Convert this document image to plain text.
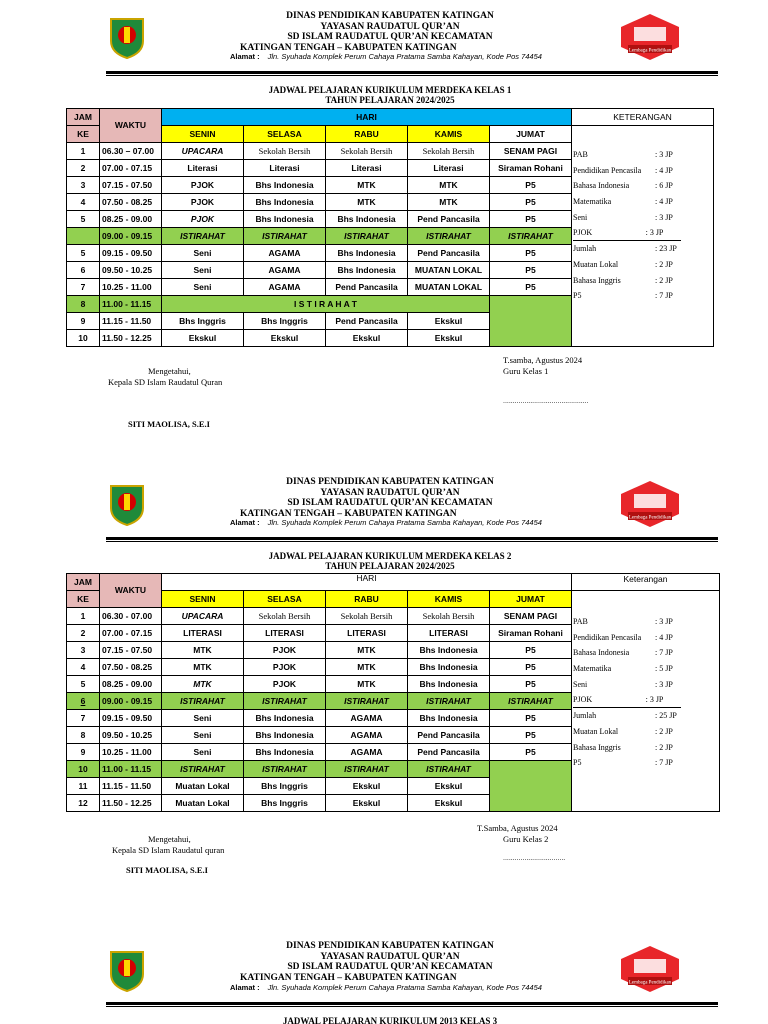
DINAS PENDIDIKAN KABUPATEN KATINGAN
YAYASAN RAUDATUL QUR’AN
SD ISLAM RAUDATUL QUR’AN KECAMATAN
KATINGAN TENGAH – KABUPATEN KATINGAN
Alamat : Jln. Syuhada Komplek Perum Cahaya Pratama Samba Kahayan, Kode Pos 74454
Lembaga Pendidikan
JADWAL PELAJARAN KURIKULUM MERDEKA KELAS 1
TAHUN PELAJARAN 2024/2025
JAM	WAKTU	HARI					KETERANGAN
KE		SENIN	SELASA	RABU	KAMIS	JUMAT	
1	06.30 – 07.00	UPACARA	Sekolah Bersih	Sekolah Bersih	Sekolah Bersih	SENAM PAGI	
2	07.00 - 07.15	Literasi	Literasi	Literasi	Literasi	Siraman Rohani	
3	07.15 - 07.50	PJOK	Bhs Indonesia	MTK	MTK	P5	
4	07.50 - 08.25	PJOK	Bhs Indonesia	MTK	MTK	P5	
5	08.25 - 09.00	PJOK	Bhs Indonesia	Bhs Indonesia	Pend Pancasila	P5	
	09.00 - 09.15	ISTIRAHAT	ISTIRAHAT	ISTIRAHAT	ISTIRAHAT	ISTIRAHAT	
5	09.15 - 09.50	Seni	AGAMA	Bhs Indonesia	Pend Pancasila	P5	
6	09.50 - 10.25	Seni	AGAMA	Bhs Indonesia	MUATAN LOKAL	P5	
7	10.25 - 11.00	Seni	AGAMA	Pend Pancasila	MUATAN LOKAL	P5	
8	11.00 - 11.15	I S T I R A H A T					
9	11.15 - 11.50	Bhs Inggris	Bhs Inggris	Pend Pancasila	Ekskul		
10	11.50 - 12.25	Ekskul	Ekskul	Ekskul	Ekskul		
PAB	: 3 JP
Pendidikan Pencasila	: 4 JP
Bahasa Indonesia	: 6 JP
Matematika	: 4 JP
Seni	: 3 JP
PJOK	: 3 JP
Jumlah	: 23 JP
Muatan Lokal	: 2 JP
Bahasa Inggris	: 2 JP
P5	: 7 JP
Mengetahui,
Kepala SD Islam Raudatul Quran
SITI MAOLISA, S.E.I
T.samba, Agustus 2024
Guru Kelas 1
............................................
DINAS PENDIDIKAN KABUPATEN KATINGAN
YAYASAN RAUDATUL QUR’AN
SD ISLAM RAUDATUL QUR’AN KECAMATAN
KATINGAN TENGAH – KABUPATEN KATINGAN
Alamat : Jln. Syuhada Komplek Perum Cahaya Pratama Samba Kahayan, Kode Pos 74454	Lembaga Pendidikan
JADWAL PELAJARAN KURIKULUM MERDEKA KELAS 2
TAHUN PELAJARAN 2024/2025
JAM	WAKTU	HARI					Keterangan
KE		SENIN	SELASA	RABU	KAMIS	JUMAT	
1	06.30 - 07.00	UPACARA	Sekolah Bersih	Sekolah Bersih	Sekolah Bersih	SENAM PAGI	
2	07.00 - 07.15	LITERASI	LITERASI	LITERASI	LITERASI	Siraman Rohani	
3	07.15 - 07.50	MTK	PJOK	MTK	Bhs Indonesia	P5	
4	07.50 - 08.25	MTK	PJOK	MTK	Bhs Indonesia	P5	
5	08.25 - 09.00	MTK	PJOK	MTK	Bhs Indonesia	P5	
6	09.00 - 09.15	ISTIRAHAT	ISTIRAHAT	ISTIRAHAT	ISTIRAHAT	ISTIRAHAT	
7	09.15 - 09.50	Seni	Bhs Indonesia	AGAMA	Bhs Indonesia	P5	
8	09.50 - 10.25	Seni	Bhs Indonesia	AGAMA	Pend Pancasila	P5	
9	10.25 - 11.00	Seni	Bhs Indonesia	AGAMA	Pend Pancasila	P5	
10	11.00 - 11.15	ISTIRAHAT	ISTIRAHAT	ISTIRAHAT	ISTIRAHAT		
11	11.15 - 11.50	Muatan Lokal	Bhs Inggris	Ekskul	Ekskul		
12	11.50 - 12.25	Muatan Lokal	Bhs Inggris	Ekskul	Ekskul		
PAB	: 3 JP
Pendidikan Pencasila	: 4 JP
Bahasa Indonesia	: 7 JP
Matematika	: 5 JP
Seni	: 3 JP
PJOK	: 3 JP
Jumlah	: 25 JP
Muatan Lokal	: 2 JP
Bahasa Inggris	: 2 JP
P5	: 7 JP
Mengetahui,
Kepala SD Islam Raudatul quran
SITI MAOLISA, S.E.I
T.Samba, Agustus 2024
Guru Kelas 2
................................
DINAS PENDIDIKAN KABUPATEN KATINGAN
YAYASAN RAUDATUL QUR’AN
SD ISLAM RAUDATUL QUR’AN KECAMATAN
KATINGAN TENGAH – KABUPATEN KATINGAN
Alamat : Jln. Syuhada Komplek Perum Cahaya Pratama Samba Kahayan, Kode Pos 74454	Lembaga Pendidikan
JADWAL PELAJARAN KURIKULUM 2013 KELAS 3
